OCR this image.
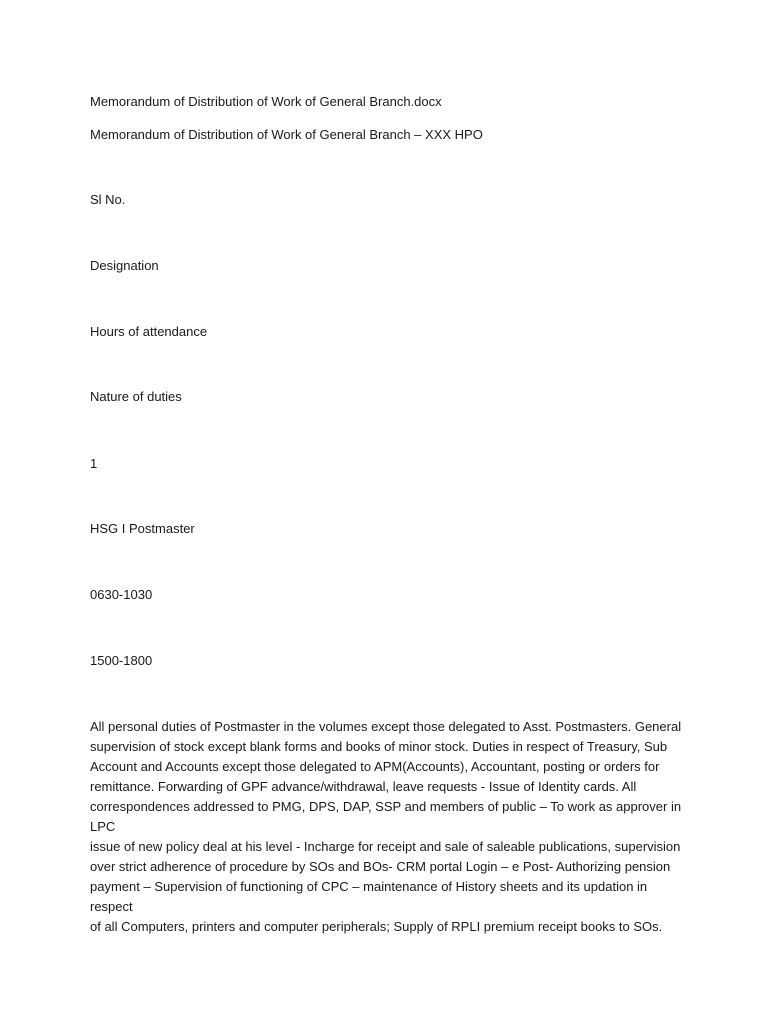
Memorandum of Distribution of Work of General Branch.docx
Memorandum of Distribution of Work of General Branch – XXX HPO
Sl No.
Designation
Hours of attendance
Nature of duties
1
HSG I Postmaster
0630-1030
1500-1800
All personal duties of Postmaster in the volumes except those delegated to Asst. Postmasters. General
supervision of stock except blank forms and books of minor stock. Duties in respect of Treasury, Sub
Account and Accounts except those delegated to APM(Accounts), Accountant, posting or orders for
remittance. Forwarding of GPF advance/withdrawal, leave requests - Issue of Identity cards. All
correspondences addressed to PMG, DPS, DAP, SSP and members of public – To work as approver in LPC
issue of new policy deal at his level - Incharge for receipt and sale of saleable publications, supervision
over strict adherence of procedure by SOs and BOs- CRM portal Login – e Post- Authorizing pension
payment – Supervision of functioning of CPC – maintenance of History sheets and its updation in respect
of all Computers, printers and computer peripherals; Supply of RPLI premium receipt books to SOs.
